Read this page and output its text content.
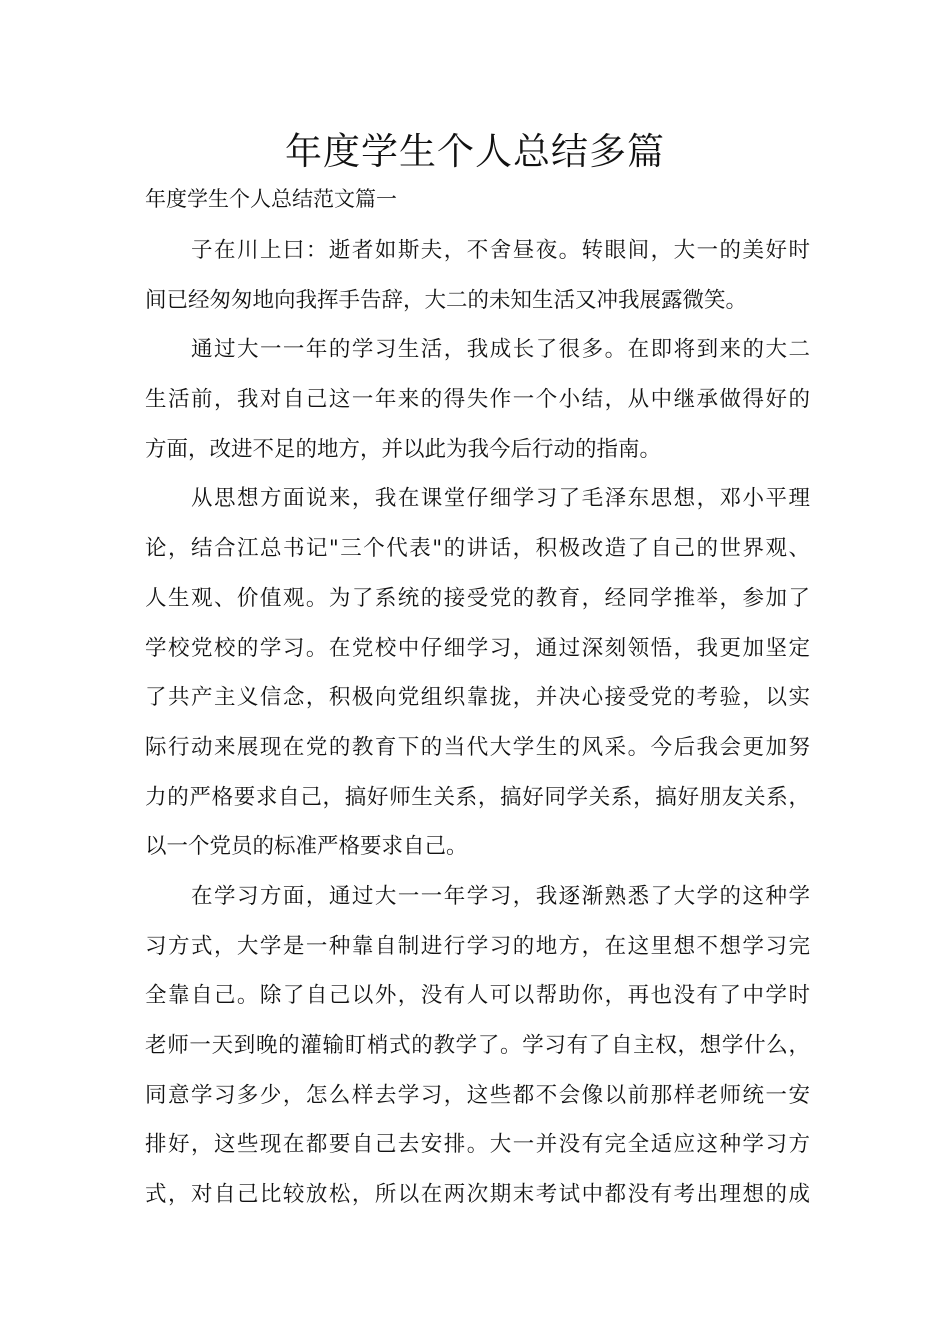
年度学生个人总结多篇

年度学生个人总结范文篇一

子在川上曰：逝者如斯夫，不舍昼夜。转眼间，大一的美好时
间已经匆匆地向我挥手告辞，大二的未知生活又冲我展露微笑。
通过大一一年的学习生活，我成长了很多。在即将到来的大二
生活前，我对自己这一年来的得失作一个小结，从中继承做得好的
方面，改进不足的地方，并以此为我今后行动的指南。
从思想方面说来，我在课堂仔细学习了毛泽东思想，邓小平理
论，结合江总书记"三个代表"的讲话，积极改造了自己的世界观、
人生观、价值观。为了系统的接受党的教育，经同学推举，参加了
学校党校的学习。在党校中仔细学习，通过深刻领悟，我更加坚定
了共产主义信念，积极向党组织靠拢，并决心接受党的考验，以实
际行动来展现在党的教育下的当代大学生的风采。今后我会更加努
力的严格要求自己，搞好师生关系，搞好同学关系，搞好朋友关系，
以一个党员的标准严格要求自己。
在学习方面，通过大一一年学习，我逐渐熟悉了大学的这种学
习方式，大学是一种靠自制进行学习的地方，在这里想不想学习完
全靠自己。除了自己以外，没有人可以帮助你，再也没有了中学时
老师一天到晚的灌输盯梢式的教学了。学习有了自主权，想学什么，
同意学习多少，怎么样去学习，这些都不会像以前那样老师统一安
排好，这些现在都要自己去安排。大一并没有完全适应这种学习方
式，对自己比较放松，所以在两次期末考试中都没有考出理想的成
